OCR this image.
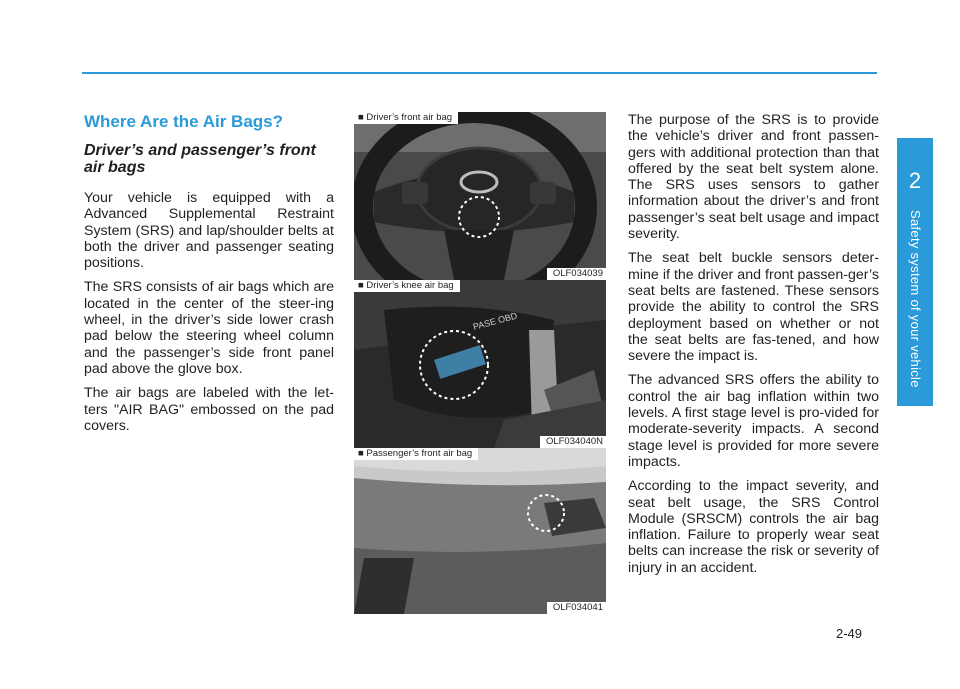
Where Are the Air Bags?
Driver’s and passenger’s front air bags

Your vehicle is equipped with a Advanced Supplemental Restraint System (SRS) and lap/shoulder belts at both the driver and passenger seating positions.

The SRS consists of air bags which are located in the center of the steer-ing wheel, in the driver’s side lower crash pad below the steering wheel column and the passenger’s side front panel pad above the glove box.

The air bags are labeled with the let-ters "AIR BAG" embossed on the pad covers.

■ Driver’s front air bag
OLF034039
PASE OBD
■ Driver’s knee air bag
OLF034040N
■ Passenger’s front air bag
OLF034041

The purpose of the SRS is to provide the vehicle’s driver and front passen-gers with additional protection than that offered by the seat belt system alone. The SRS uses sensors to gather information about the driver’s and front passenger’s seat belt usage and impact severity.

The seat belt buckle sensors deter-mine if the driver and front passen-ger’s seat belts are fastened. These sensors provide the ability to control the SRS deployment based on whether or not the seat belts are fas-tened, and how severe the impact is.

The advanced SRS offers the ability to control the air bag inflation within two levels. A first stage level is pro-vided for moderate-severity impacts. A second stage level is provided for more severe impacts.

According to the impact severity, and seat belt usage, the SRS Control Module (SRSCM) controls the air bag inflation. Failure to properly wear seat belts can increase the risk or severity of injury in an accident.

2
Safety system of your vehicle
2-49
